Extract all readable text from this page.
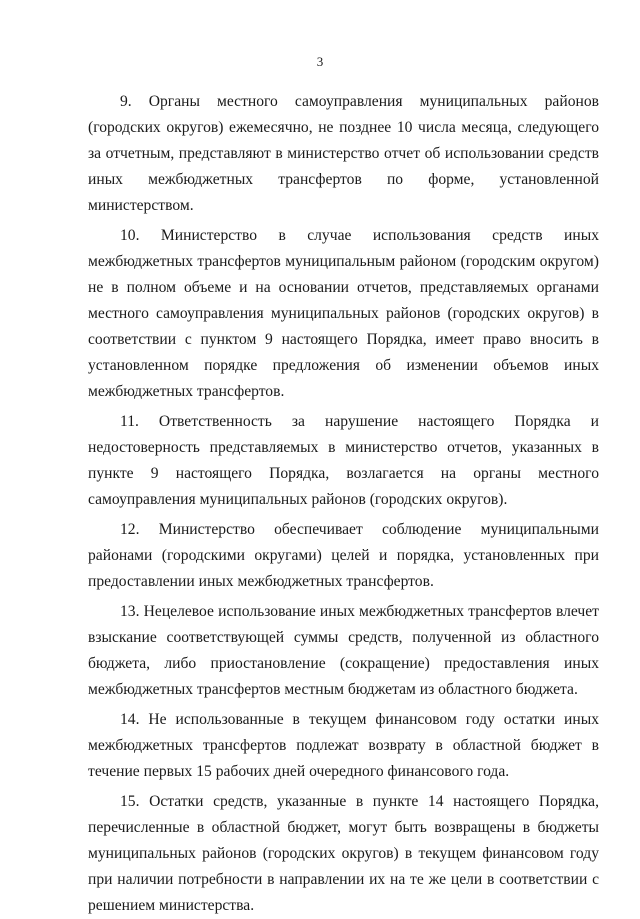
3

9. Органы местного самоуправления муниципальных районов (городских округов) ежемесячно, не позднее 10 числа месяца, следующего за отчетным, представляют в министерство отчет об использовании средств иных межбюджетных трансфертов по форме, установленной министерством.

10. Министерство в случае использования средств иных межбюджетных трансфертов муниципальным районом (городским округом) не в полном объеме и на основании отчетов, представляемых органами местного самоуправления муниципальных районов (городских округов) в соответствии с пунктом 9 настоящего Порядка, имеет право вносить в установленном порядке предложения об изменении объемов иных межбюджетных трансфертов.

11. Ответственность за нарушение настоящего Порядка и недостоверность представляемых в министерство отчетов, указанных в пункте 9 настоящего Порядка, возлагается на органы местного самоуправления муниципальных районов (городских округов).

12. Министерство обеспечивает соблюдение муниципальными районами (городскими округами) целей и порядка, установленных при предоставлении иных межбюджетных трансфертов.

13. Нецелевое использование иных межбюджетных трансфертов влечет взыскание соответствующей суммы средств, полученной из областного бюджета, либо приостановление (сокращение) предоставления иных межбюджетных трансфертов местным бюджетам из областного бюджета.

14. Не использованные в текущем финансовом году остатки иных межбюджетных трансфертов подлежат возврату в областной бюджет в течение первых 15 рабочих дней очередного финансового года.

15. Остатки средств, указанные в пункте 14 настоящего Порядка, перечисленные в областной бюджет, могут быть возвращены в бюджеты муниципальных районов (городских округов) в текущем финансовом году при наличии потребности в направлении их на те же цели в соответствии с решением министерства.
